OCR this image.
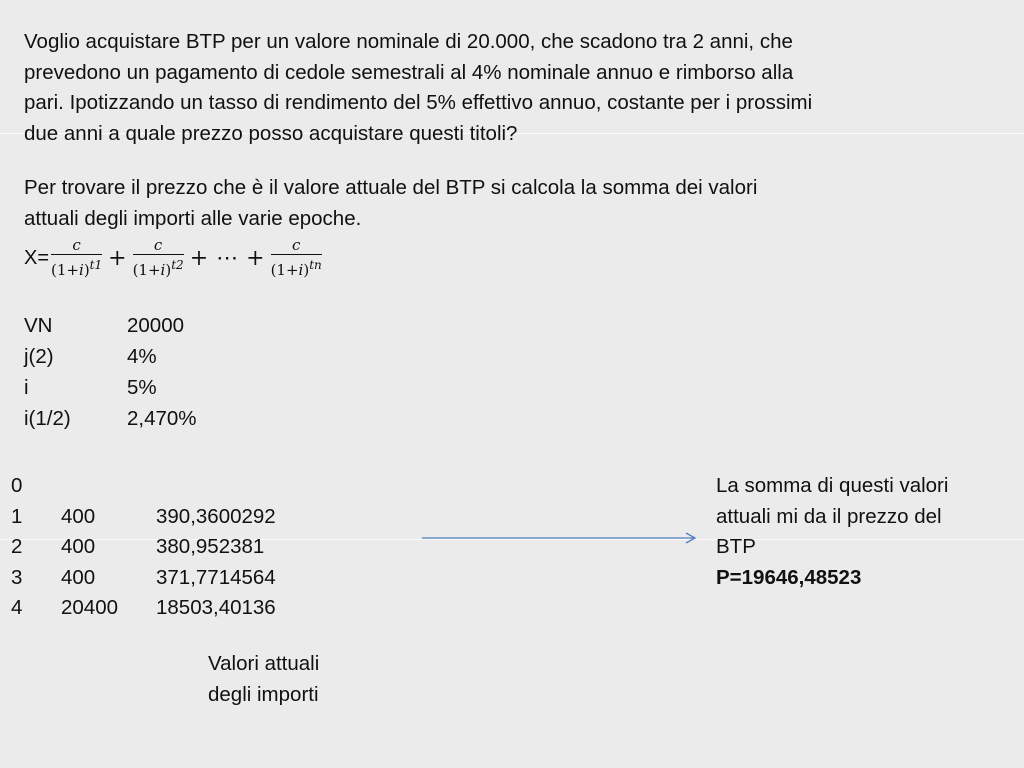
Voglio acquistare BTP per un valore nominale di 20.000, che scadono tra 2 anni, che
prevedono un pagamento di cedole semestrali al 4% nominale annuo e rimborso alla
pari. Ipotizzando un tasso di rendimento del 5% effettivo annuo, costante per i prossimi
due anni a quale prezzo posso acquistare questi titoli?
Per trovare il prezzo che è il valore attuale del BTP si calcola la somma dei valori
attuali degli importi alle varie epoche.
$X= \frac{c}{(1+i)^{t1}} + \frac{c}{(1+i)^{t2}}$ + ⋯ + $\frac{c}{(1+i)^{tn}}$
VN	20000
j(2)	4%
i	5%
i(1/2)	2,470%
0
1	400	390,3600292
2	400	380,952381
3	400	371,7714564
4	20400	18503,40136
Valori attuali
degli importi
La somma di questi valori
attuali mi da il prezzo del
BTP
P=19646,48523
